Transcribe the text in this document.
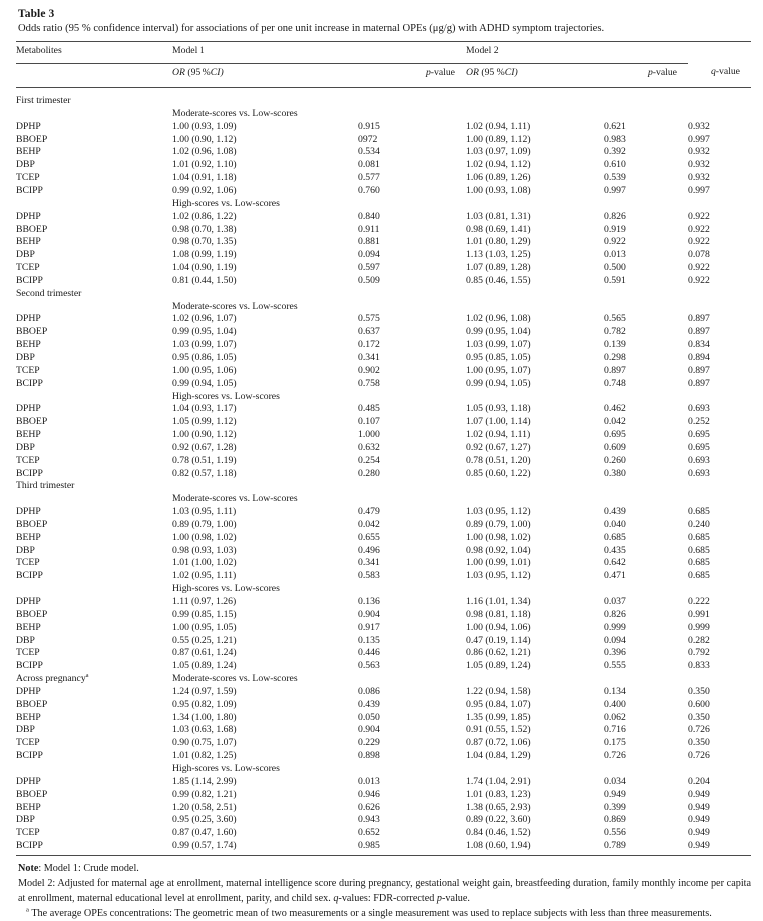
Table 3
Odds ratio (95 % confidence interval) for associations of per one unit increase in maternal OPEs (μg/g) with ADHD symptom trajectories.

Metabolites	Model 1		Model 2		
	OR (95 %CI)	p-value	OR (95 %CI)	p-value	q-value

First trimester					
	Moderate-scores vs. Low-scores				
DPHP	1.00 (0.93, 1.09)	0.915	1.02 (0.94, 1.11)	0.621	0.932
BBOEP	1.00 (0.90, 1.12)	0972	1.00 (0.89, 1.12)	0.983	0.997
BEHP	1.02 (0.96, 1.08)	0.534	1.03 (0.97, 1.09)	0.392	0.932
DBP	1.01 (0.92, 1.10)	0.081	1.02 (0.94, 1.12)	0.610	0.932
TCEP	1.04 (0.91, 1.18)	0.577	1.06 (0.89, 1.26)	0.539	0.932
BCIPP	0.99 (0.92, 1.06)	0.760	1.00 (0.93, 1.08)	0.997	0.997
	High-scores vs. Low-scores				
DPHP	1.02 (0.86, 1.22)	0.840	1.03 (0.81, 1.31)	0.826	0.922
BBOEP	0.98 (0.70, 1.38)	0.911	0.98 (0.69, 1.41)	0.919	0.922
BEHP	0.98 (0.70, 1.35)	0.881	1.01 (0.80, 1.29)	0.922	0.922
DBP	1.08 (0.99, 1.19)	0.094	1.13 (1.03, 1.25)	0.013	0.078
TCEP	1.04 (0.90, 1.19)	0.597	1.07 (0.89, 1.28)	0.500	0.922
BCIPP	0.81 (0.44, 1.50)	0.509	0.85 (0.46, 1.55)	0.591	0.922
Second trimester					
	Moderate-scores vs. Low-scores				
DPHP	1.02 (0.96, 1.07)	0.575	1.02 (0.96, 1.08)	0.565	0.897
BBOEP	0.99 (0.95, 1.04)	0.637	0.99 (0.95, 1.04)	0.782	0.897
BEHP	1.03 (0.99, 1.07)	0.172	1.03 (0.99, 1.07)	0.139	0.834
DBP	0.95 (0.86, 1.05)	0.341	0.95 (0.85, 1.05)	0.298	0.894
TCEP	1.00 (0.95, 1.06)	0.902	1.00 (0.95, 1.07)	0.897	0.897
BCIPP	0.99 (0.94, 1.05)	0.758	0.99 (0.94, 1.05)	0.748	0.897
	High-scores vs. Low-scores				
DPHP	1.04 (0.93, 1.17)	0.485	1.05 (0.93, 1.18)	0.462	0.693
BBOEP	1.05 (0.99, 1.12)	0.107	1.07 (1.00, 1.14)	0.042	0.252
BEHP	1.00 (0.90, 1.12)	1.000	1.02 (0.94, 1.11)	0.695	0.695
DBP	0.92 (0.67, 1.28)	0.632	0.92 (0.67, 1.27)	0.609	0.695
TCEP	0.78 (0.51, 1.19)	0.254	0.78 (0.51, 1.20)	0.260	0.693
BCIPP	0.82 (0.57, 1.18)	0.280	0.85 (0.60, 1.22)	0.380	0.693
Third trimester					
	Moderate-scores vs. Low-scores				
DPHP	1.03 (0.95, 1.11)	0.479	1.03 (0.95, 1.12)	0.439	0.685
BBOEP	0.89 (0.79, 1.00)	0.042	0.89 (0.79, 1.00)	0.040	0.240
BEHP	1.00 (0.98, 1.02)	0.655	1.00 (0.98, 1.02)	0.685	0.685
DBP	0.98 (0.93, 1.03)	0.496	0.98 (0.92, 1.04)	0.435	0.685
TCEP	1.01 (1.00, 1.02)	0.341	1.00 (0.99, 1.01)	0.642	0.685
BCIPP	1.02 (0.95, 1.11)	0.583	1.03 (0.95, 1.12)	0.471	0.685
	High-scores vs. Low-scores				
DPHP	1.11 (0.97, 1.26)	0.136	1.16 (1.01, 1.34)	0.037	0.222
BBOEP	0.99 (0.85, 1.15)	0.904	0.98 (0.81, 1.18)	0.826	0.991
BEHP	1.00 (0.95, 1.05)	0.917	1.00 (0.94, 1.06)	0.999	0.999
DBP	0.55 (0.25, 1.21)	0.135	0.47 (0.19, 1.14)	0.094	0.282
TCEP	0.87 (0.61, 1.24)	0.446	0.86 (0.62, 1.21)	0.396	0.792
BCIPP	1.05 (0.89, 1.24)	0.563	1.05 (0.89, 1.24)	0.555	0.833
Across pregnancy$^a$	Moderate-scores vs. Low-scores				
DPHP	1.24 (0.97, 1.59)	0.086	1.22 (0.94, 1.58)	0.134	0.350
BBOEP	0.95 (0.82, 1.09)	0.439	0.95 (0.84, 1.07)	0.400	0.600
BEHP	1.34 (1.00, 1.80)	0.050	1.35 (0.99, 1.85)	0.062	0.350
DBP	1.03 (0.63, 1.68)	0.904	0.91 (0.55, 1.52)	0.716	0.726
TCEP	0.90 (0.75, 1.07)	0.229	0.87 (0.72, 1.06)	0.175	0.350
BCIPP	1.01 (0.82, 1.25)	0.898	1.04 (0.84, 1.29)	0.726	0.726
	High-scores vs. Low-scores				
DPHP	1.85 (1.14, 2.99)	0.013	1.74 (1.04, 2.91)	0.034	0.204
BBOEP	0.99 (0.82, 1.21)	0.946	1.01 (0.83, 1.23)	0.949	0.949
BEHP	1.20 (0.58, 2.51)	0.626	1.38 (0.65, 2.93)	0.399	0.949
DBP	0.95 (0.25, 3.60)	0.943	0.89 (0.22, 3.60)	0.869	0.949
TCEP	0.87 (0.47, 1.60)	0.652	0.84 (0.46, 1.52)	0.556	0.949
BCIPP	0.99 (0.57, 1.74)	0.985	1.08 (0.60, 1.94)	0.789	0.949

Note: Model 1: Crude model.

Model 2: Adjusted for maternal age at enrollment, maternal intelligence score during pregnancy, gestational weight gain, breastfeeding duration, family monthly income per capita at enrollment, maternal educational level at enrollment, parity, and child sex. q-values: FDR-corrected p-value.

$^a$ The average OPEs concentrations: The geometric mean of two measurements or a single measurement was used to replace subjects with less than three measurements.
